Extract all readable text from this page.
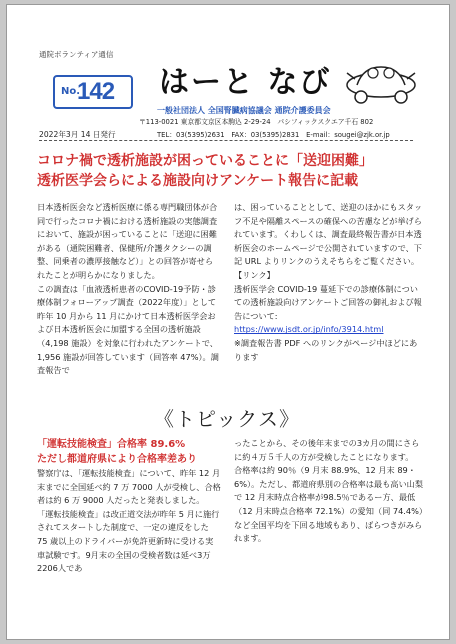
通院ボランティア通信
No.
142 はーと なび
一般社団法人 全国腎臓病協議会 通院介護委員会
〒113-0021 東京都文京区本駒込 2-29-24　パシフィックスクエア千石 802
2022年3月 14 日発行	TEL：03(5395)2631　FAX：03(5395)2831　E-mail：sougei@zjk.or.jp
コロナ禍で透析施設が困っていることに「送迎困難」
透析医学会らによる施設向けアンケート報告に記載

日本透析医会など透析医療に係る専門職団体が合同で行ったコロナ禍における透析施設の実態調査において、施設が困っていることに「送迎に困難がある（通院困難者、保健所/介護タクシーの調整、同乗者の濃厚接触など）」との回答が寄せられたことが明らかになりました。

この調査は「血液透析患者のCOVID-19予防・診療体制フォローアップ調査（2022年度）」として昨年 10 月から 11 月にかけて日本透析医学会および日本透析医会に加盟する全国の透析施設（4,198 施設）を対象に行われたアンケートで、1,956 施設が回答しています（回答率 47%）。調査報告で

は、困っていることとして、送迎のほかにもスタッフ不足や隔離スペースの確保への苦慮などが挙げられています。くわしくは、調査最終報告書が日本透析医会のホームページで公開されていますので、下記 URL よりリンクのうえそちらをご覧ください。

【リンク】

透析医学会 COVID-19 蔓延下での診療体制についての透析施設向けアンケートご回答の御礼および報告について:

https://www.jsdt.or.jp/info/3914.html

※調査報告書 PDF へのリンクがページ中ほどにあります

《トピックス》
「運転技能検査」合格率 89.6%
ただし都道府県により合格率差あり

警察庁は、「運転技能検査」について、昨年 12 月末までに全国延べ約 7 万 7000 人が受検し、合格者は約 6 万 9000 人だったと発表しました。

「運転技能検査」は改正道交法が昨年 5 月に施行されてスタートした制度で、一定の違反をした 75 歳以上のドライバーが免許更新時に受ける実車試験です。9月末の全国の受検者数は延べ3万2206人であ

ったことから、その後年末までの3カ月の間にさらに約４万５千人の方が受検したことになります。

合格率は約 90％（9 月末 88.9%、12 月末 89・6%）。ただし、都道府県別の合格率は最も高い山梨で 12 月末時点合格率が98.5％であるー方、最低（12 月末時点合格率 72.1%）の愛知（同 74.4%）など全国平均を下回る地域もあり、ばらつきがみられます。
